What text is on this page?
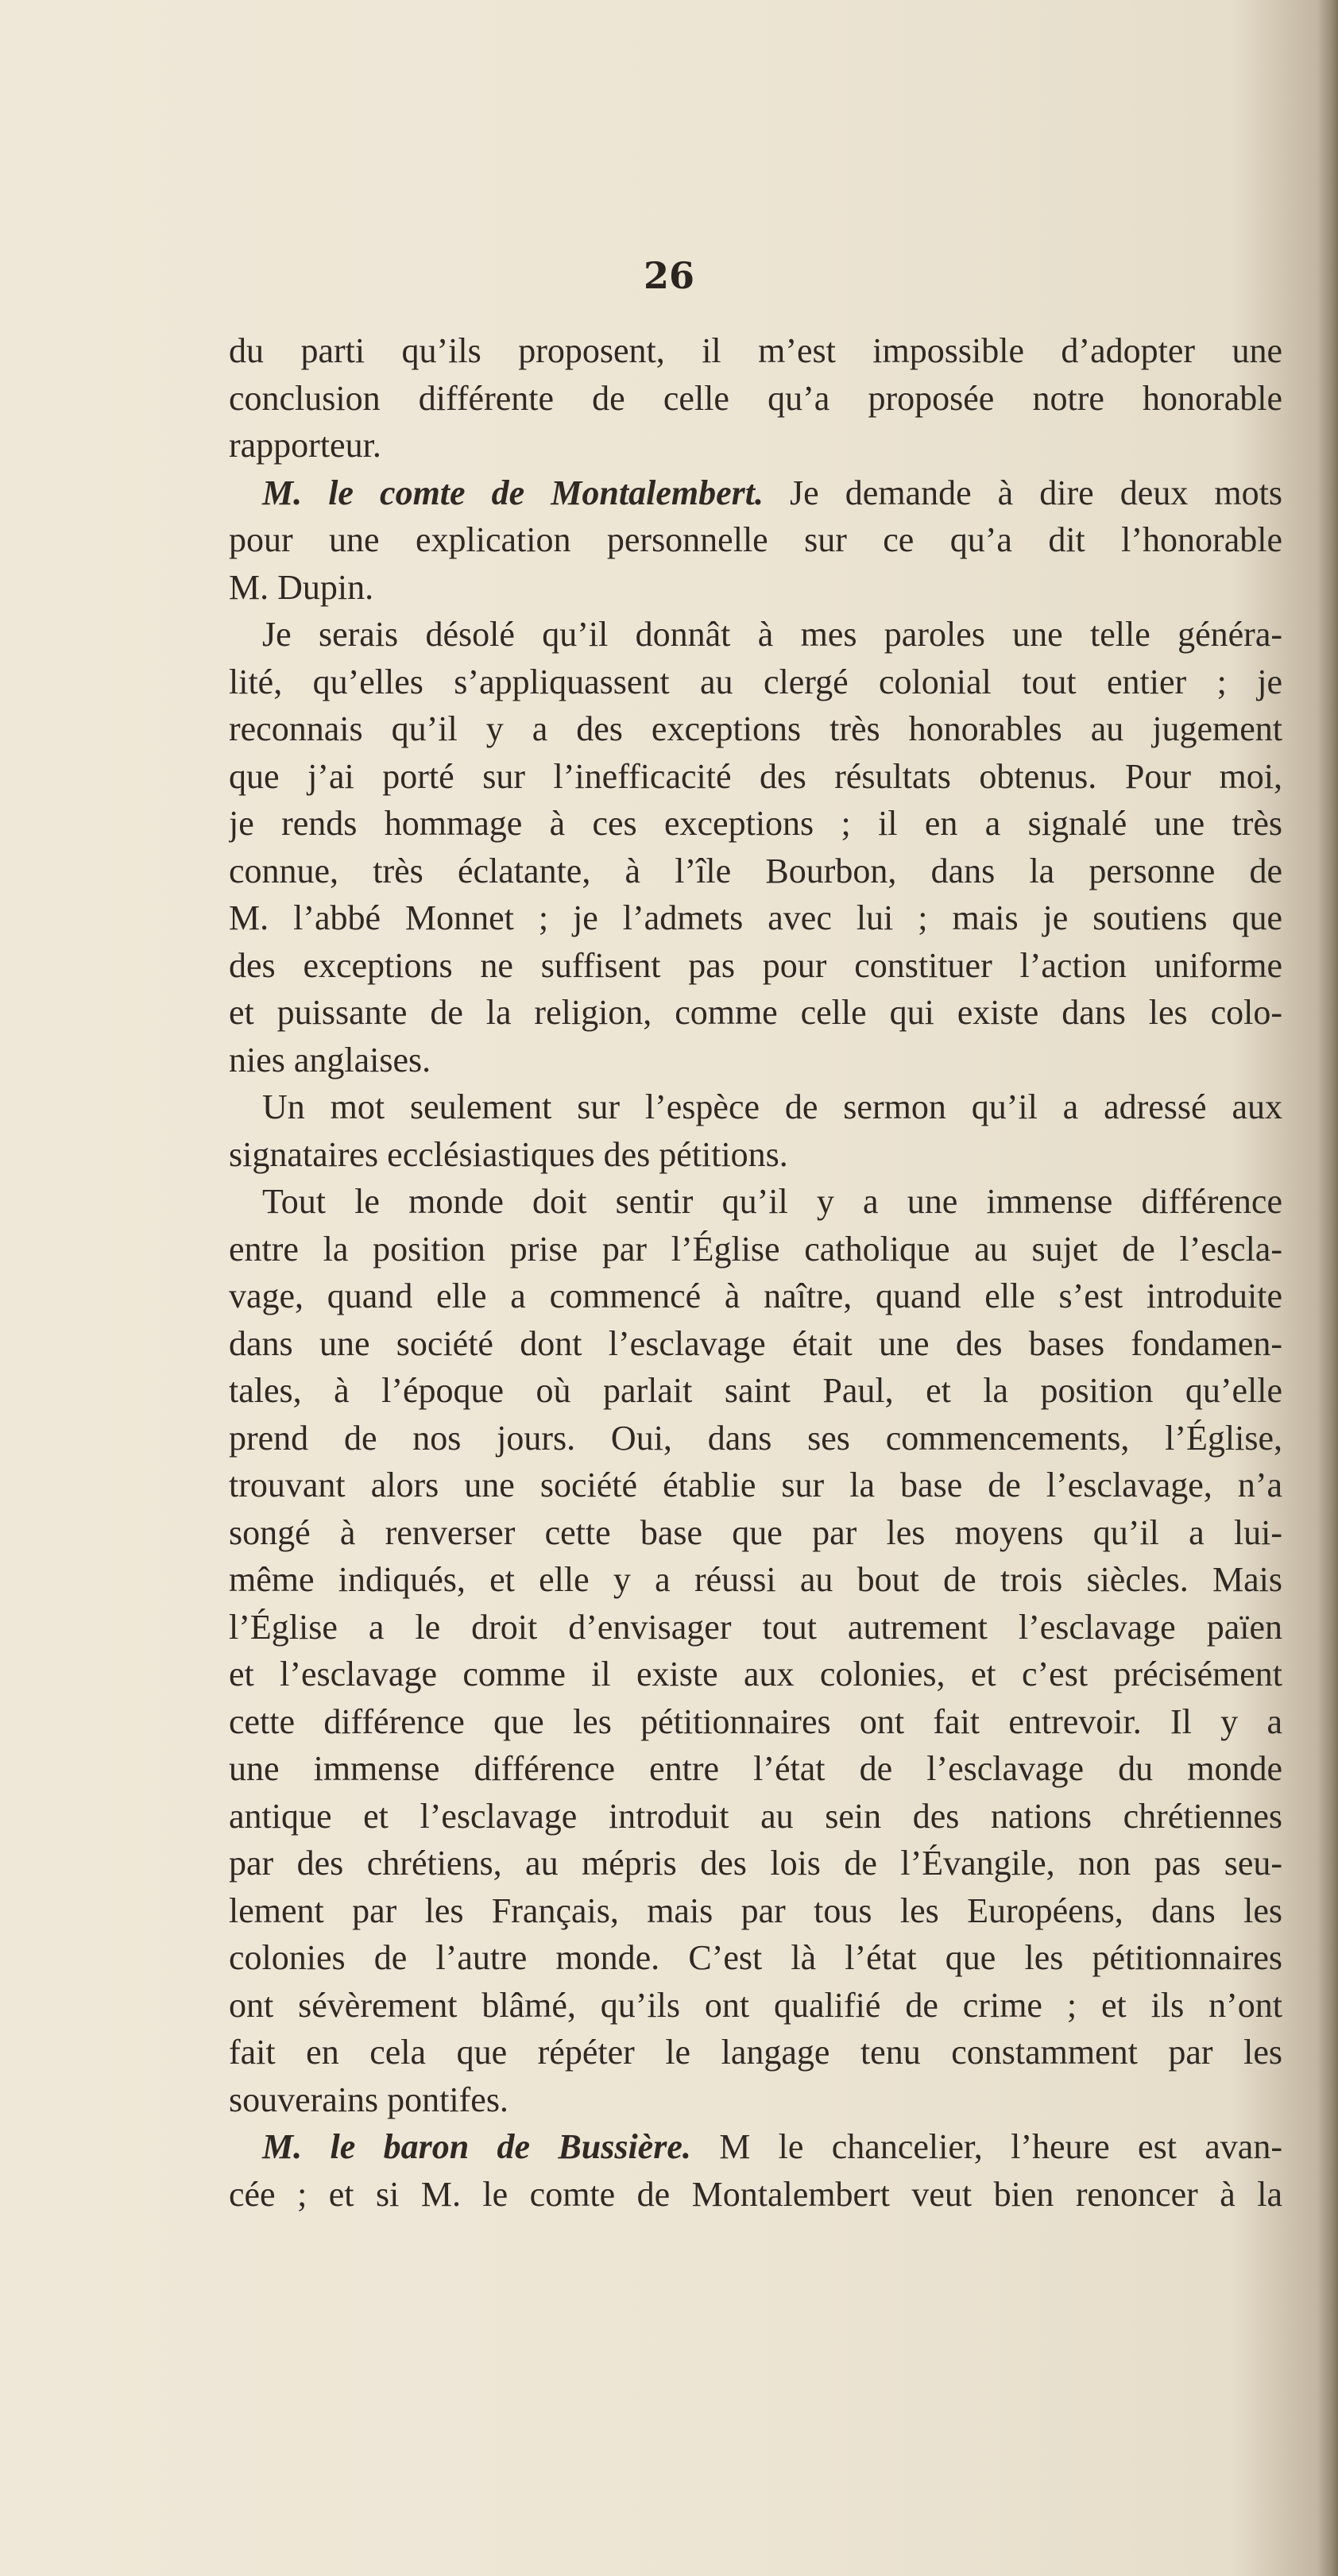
26
du parti qu’ils proposent, il m’est impossible d’adopter une
conclusion différente de celle qu’a proposée notre honorable
rapporteur.
M. le comte de Montalembert. Je demande à dire deux mots
pour une explication personnelle sur ce qu’a dit l’honorable
M. Dupin.
Je serais désolé qu’il donnât à mes paroles une telle généra-
lité, qu’elles s’appliquassent au clergé colonial tout entier ; je
reconnais qu’il y a des exceptions très honorables au jugement
que j’ai porté sur l’inefficacité des résultats obtenus. Pour moi,
je rends hommage à ces exceptions ; il en a signalé une très
connue, très éclatante, à l’île Bourbon, dans la personne de
M. l’abbé Monnet ; je l’admets avec lui ; mais je soutiens que
des exceptions ne suffisent pas pour constituer l’action uniforme
et puissante de la religion, comme celle qui existe dans les colo-
nies anglaises.
Un mot seulement sur l’espèce de sermon qu’il a adressé aux
signataires ecclésiastiques des pétitions.
Tout le monde doit sentir qu’il y a une immense différence
entre la position prise par l’Église catholique au sujet de l’escla-
vage, quand elle a commencé à naître, quand elle s’est introduite
dans une société dont l’esclavage était une des bases fondamen-
tales, à l’époque où parlait saint Paul, et la position qu’elle
prend de nos jours. Oui, dans ses commencements, l’Église,
trouvant alors une société établie sur la base de l’esclavage, n’a
songé à renverser cette base que par les moyens qu’il a lui-
même indiqués, et elle y a réussi au bout de trois siècles. Mais
l’Église a le droit d’envisager tout autrement l’esclavage païen
et l’esclavage comme il existe aux colonies, et c’est précisément
cette différence que les pétitionnaires ont fait entrevoir. Il y a
une immense différence entre l’état de l’esclavage du monde
antique et l’esclavage introduit au sein des nations chrétiennes
par des chrétiens, au mépris des lois de l’Évangile, non pas seu-
lement par les Français, mais par tous les Européens, dans les
colonies de l’autre monde. C’est là l’état que les pétitionnaires
ont sévèrement blâmé, qu’ils ont qualifié de crime ; et ils n’ont
fait en cela que répéter le langage tenu constamment par les
souverains pontifes.
M. le baron de Bussière. M le chancelier, l’heure est avan-
cée ; et si M. le comte de Montalembert veut bien renoncer à la
